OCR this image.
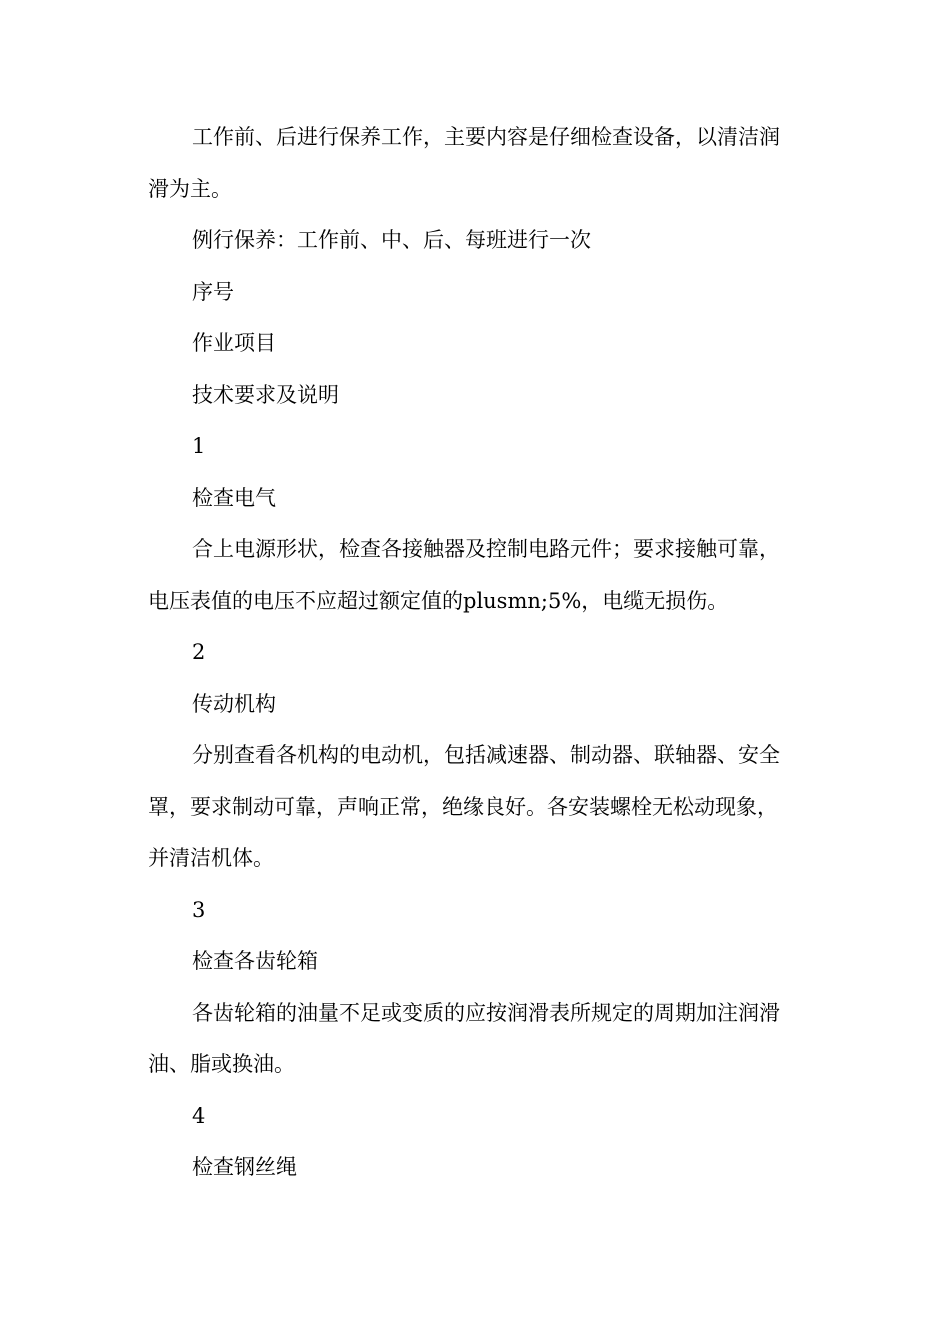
工作前、后进行保养工作，主要内容是仔细检查设备，以清洁润滑为主。

例行保养：工作前、中、后、每班进行一次

序号

作业项目

技术要求及说明

1

检查电气

合上电源形状，检查各接触器及控制电路元件；要求接触可靠，电压表值的电压不应超过额定值的plusmn;5%，电缆无损伤。

2

传动机构

分别查看各机构的电动机，包括减速器、制动器、联轴器、安全罩，要求制动可靠，声响正常，绝缘良好。各安装螺栓无松动现象，并清洁机体。

3

检查各齿轮箱

各齿轮箱的油量不足或变质的应按润滑表所规定的周期加注润滑油、脂或换油。

4

检查钢丝绳
